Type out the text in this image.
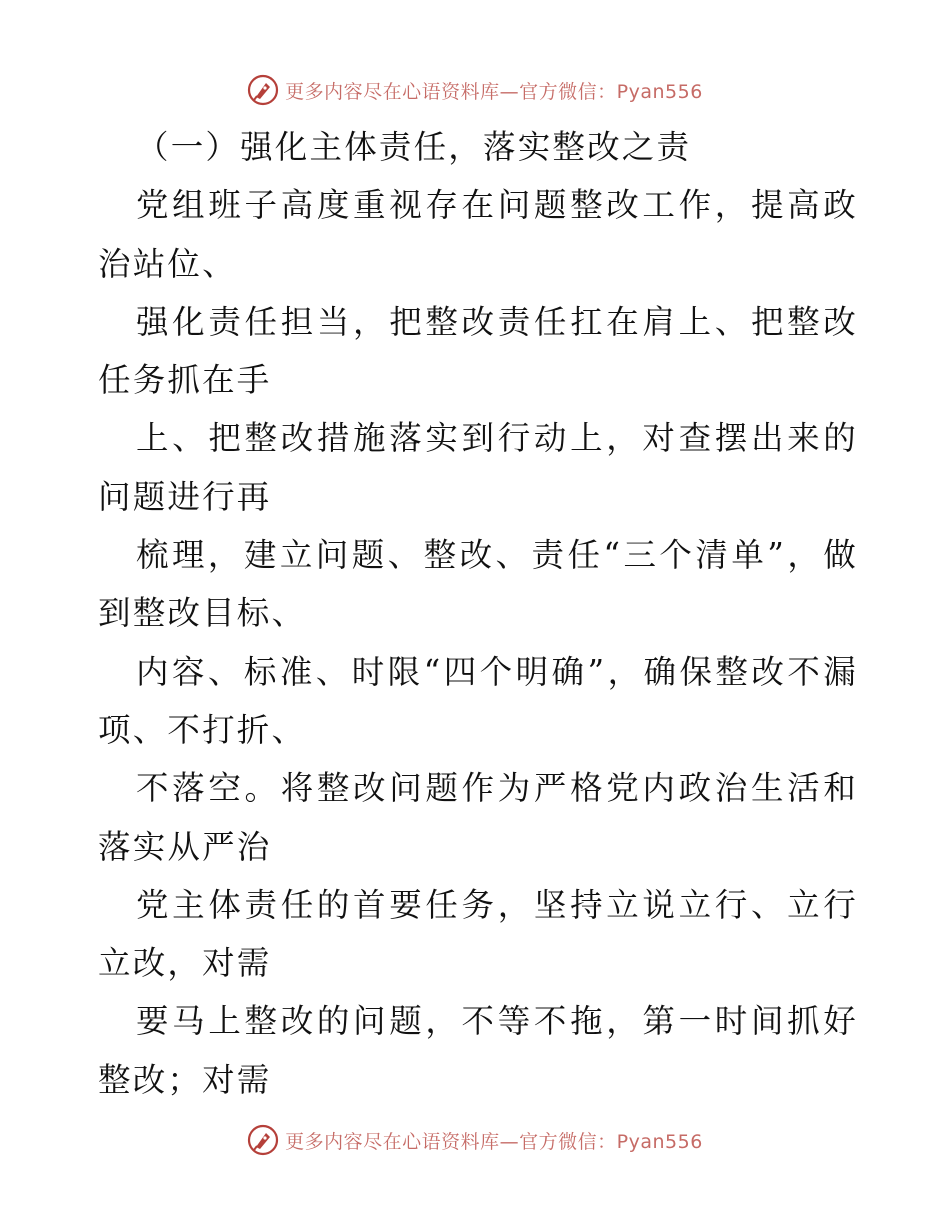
更多内容尽在心语资料库—官方微信：Pyan556

（一）强化主体责任，落实整改之责

党组班子高度重视存在问题整改工作，提高政治站位、

强化责任担当，把整改责任扛在肩上、把整改任务抓在手

上、把整改措施落实到行动上，对查摆出来的问题进行再

梳理，建立问题、整改、责任“三个清单”，做到整改目标、

内容、标准、时限“四个明确”，确保整改不漏项、不打折、

不落空。将整改问题作为严格党内政治生活和落实从严治

党主体责任的首要任务，坚持立说立行、立行立改，对需

要马上整改的问题，不等不拖，第一时间抓好整改；对需

更多内容尽在心语资料库—官方微信：Pyan556
